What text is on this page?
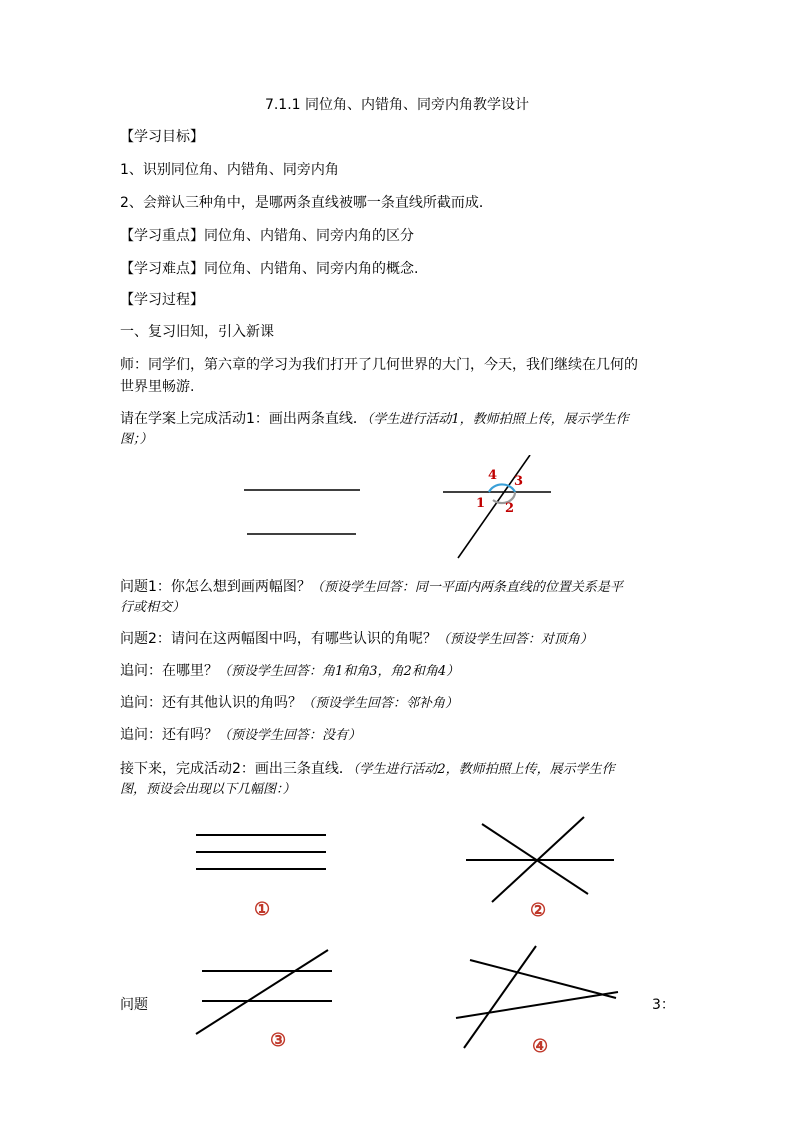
7.1.1 同位角、内错角、同旁内角教学设计
【学习目标】
1、识别同位角、内错角、同旁内角
2、会辩认三种角中，是哪两条直线被哪一条直线所截而成．
【学习重点】同位角、内错角、同旁内角的区分
【学习难点】同位角、内错角、同旁内角的概念.
【学习过程】
一、复习旧知，引入新课
师：同学们，第六章的学习为我们打开了几何世界的大门，今天，我们继续在几何的
世界里畅游.
请在学案上完成活动1：画出两条直线．（学生进行活动1，教师拍照上传，展示学生作
图；）
4 3
1 2
问题1：你怎么想到画两幅图？（预设学生回答：同一平面内两条直线的位置关系是平
行或相交）
问题2：请问在这两幅图中吗，有哪些认识的角呢？（预设学生回答：对顶角）
追问：在哪里？（预设学生回答：角1和角3，角2和角4）
追问：还有其他认识的角吗？（预设学生回答：邻补角）
追问：还有吗？（预设学生回答：没有）
接下来，完成活动2：画出三条直线．（学生进行活动2，教师拍照上传，展示学生作
图，预设会出现以下几幅图：）
①	②
③	④
问题	3：
